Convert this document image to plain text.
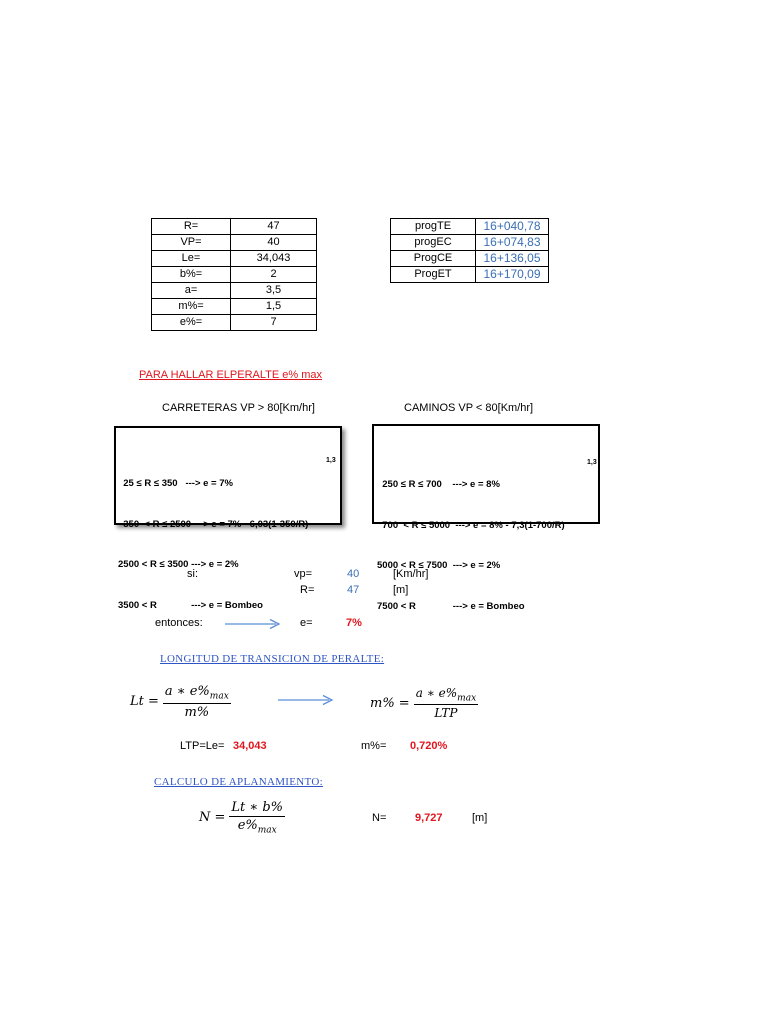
R=	47
VP=	40
Le=	34,043
b%=	2
a=	3,5
m%=	1,5
e%=	7
progTE	16+040,78
progEC	16+074,83
ProgCE	16+136,05
ProgET	16+170,09
PARA HALLAR ELPERALTE e% max
CARRETERAS VP > 80[Km/hr]

25 ≤ R ≤ 350   ---> e = 7%

350  < R ≤ 2500 ---> e = 7% - 6,03(1-350/R)

2500 < R ≤ 3500 ---> e = 2%

3500 < R             ---> e = Bombeo

1,3
CAMINOS VP < 80[Km/hr]

250 ≤ R ≤ 700    ---> e = 8%

700  < R ≤ 5000  ---> e = 8% - 7,3(1-700/R)

5000 < R ≤ 7500  ---> e = 2%

7500 < R              ---> e = Bombeo

1,3
si:	vp=	40	[Km/hr]
R=	47	[m]
entonces:	e=	7%
LONGITUD DE TRANSICION DE PERALTE:
$Lt = \frac{a ∗ e\%_{max}}{m\%}$	$m\% = \frac{a ∗ e\%_{max}}{\text{LTP}}$
LTP=Le= 34,043	m%= 0,720%
CALCULO DE APLANAMIENTO:
$N = \frac{Lt ∗ b\%}{e\%_{max}}$	N=	9,727	[m]
